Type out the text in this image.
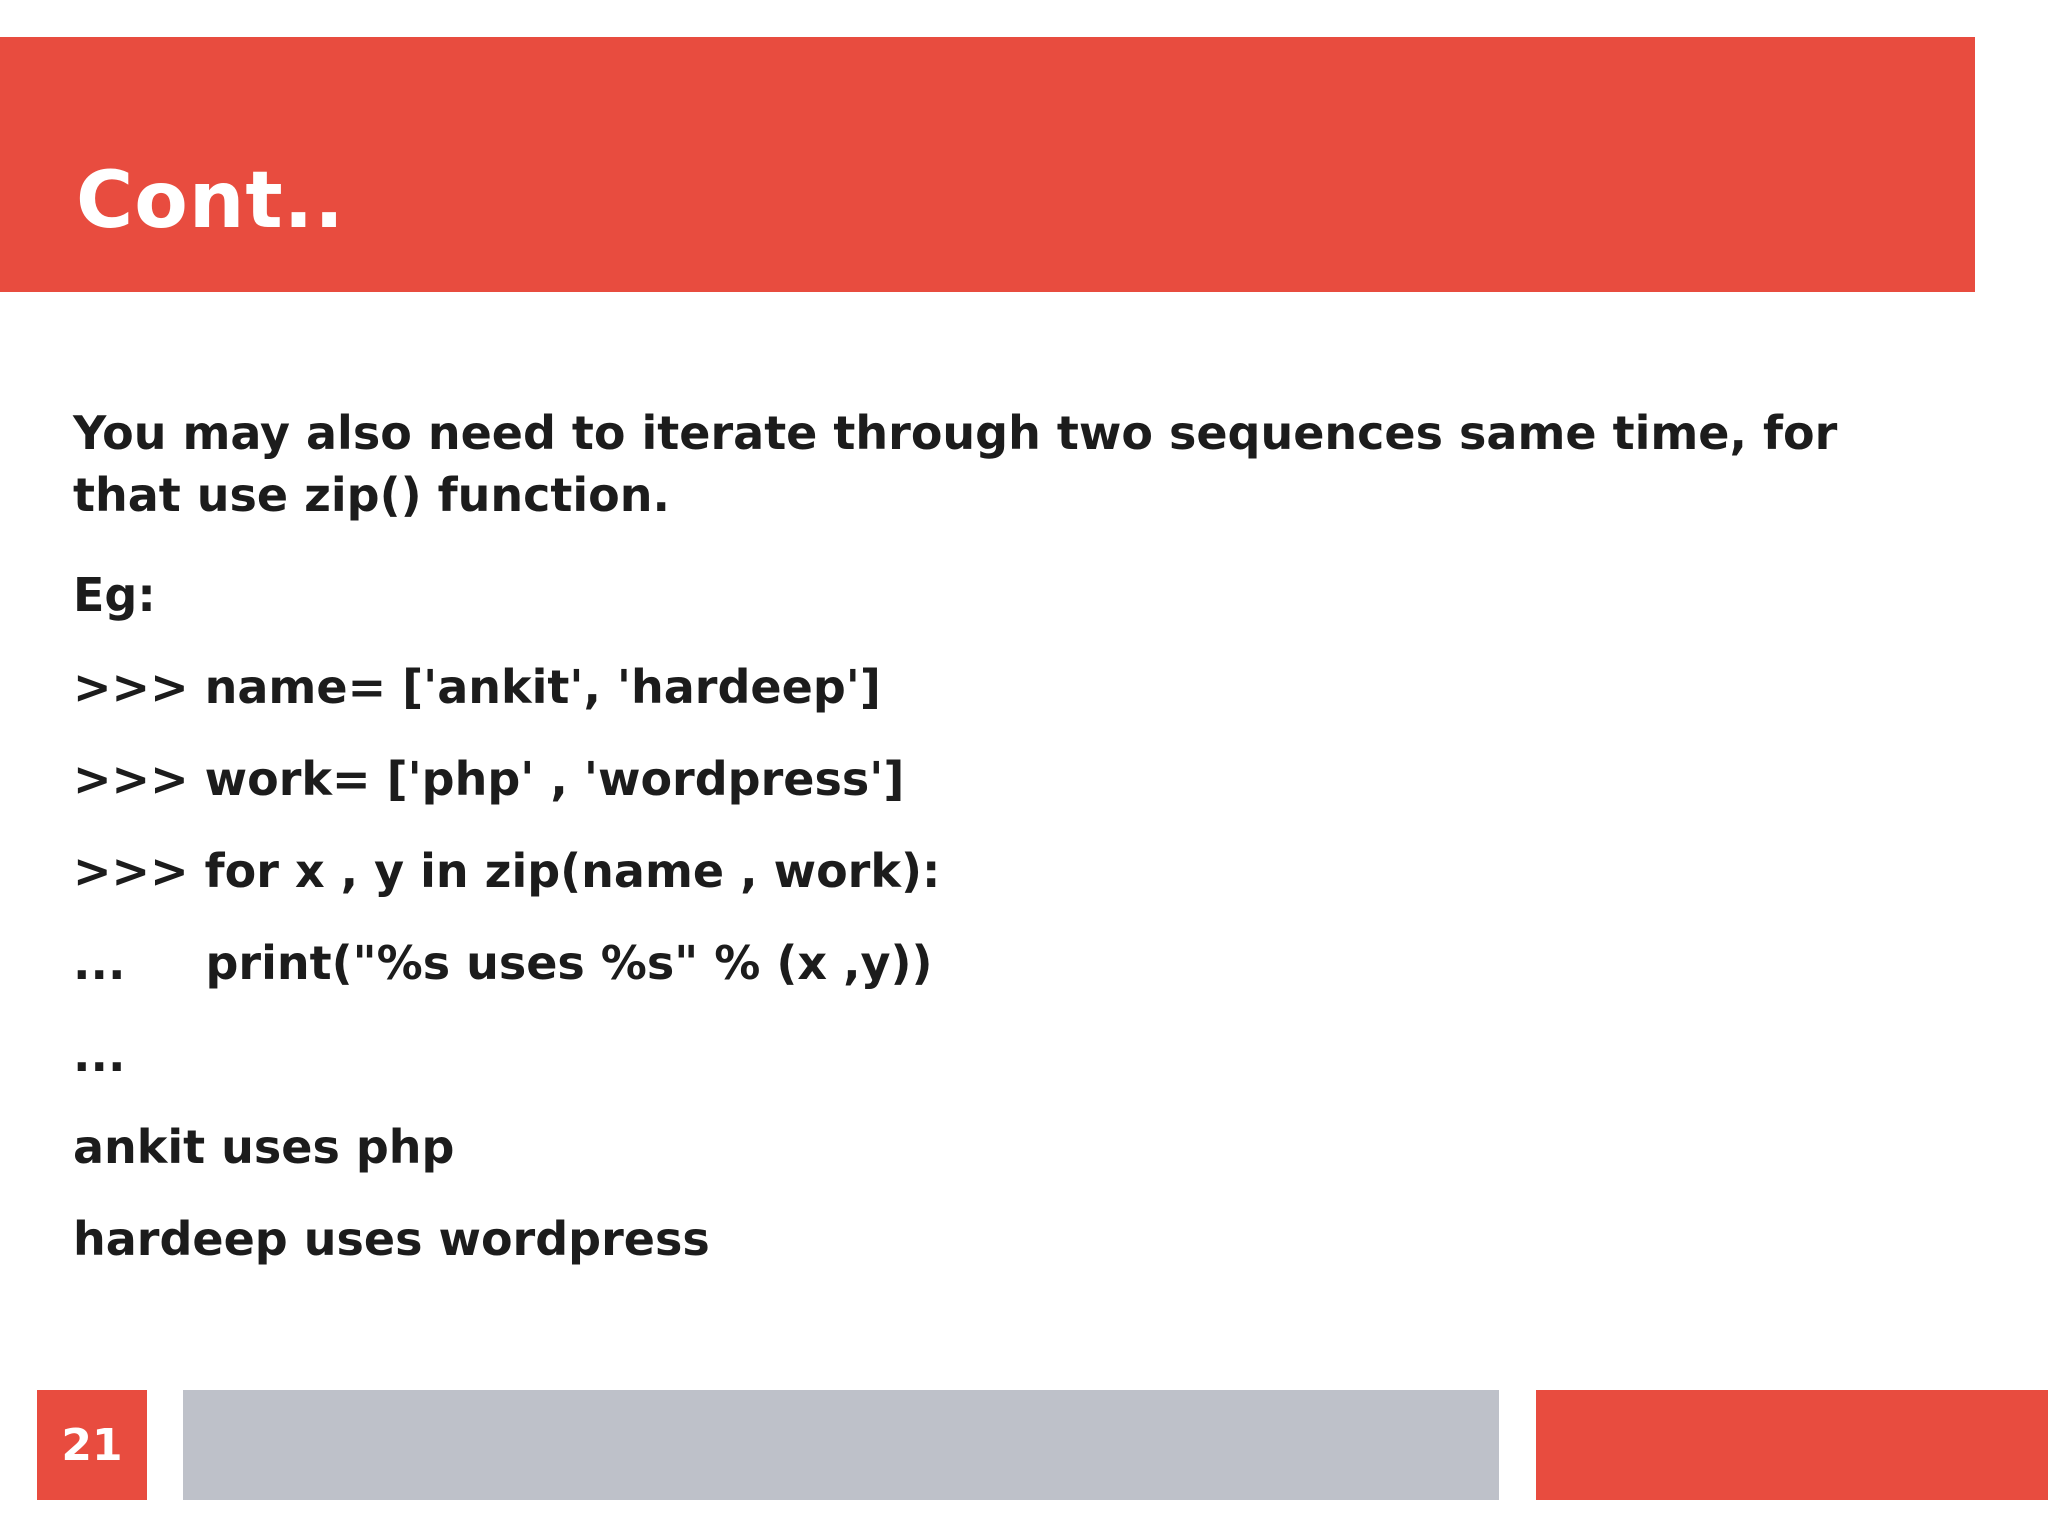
Cont..

You may also need to iterate through two sequences same time, for that use zip() function.

Eg:

>>> name= ['ankit', 'hardeep']

>>> work= ['php' , 'wordpress']

>>> for x , y in zip(name , work):

...     print("%s uses %s" % (x ,y))

...

ankit uses php

hardeep uses wordpress

21
